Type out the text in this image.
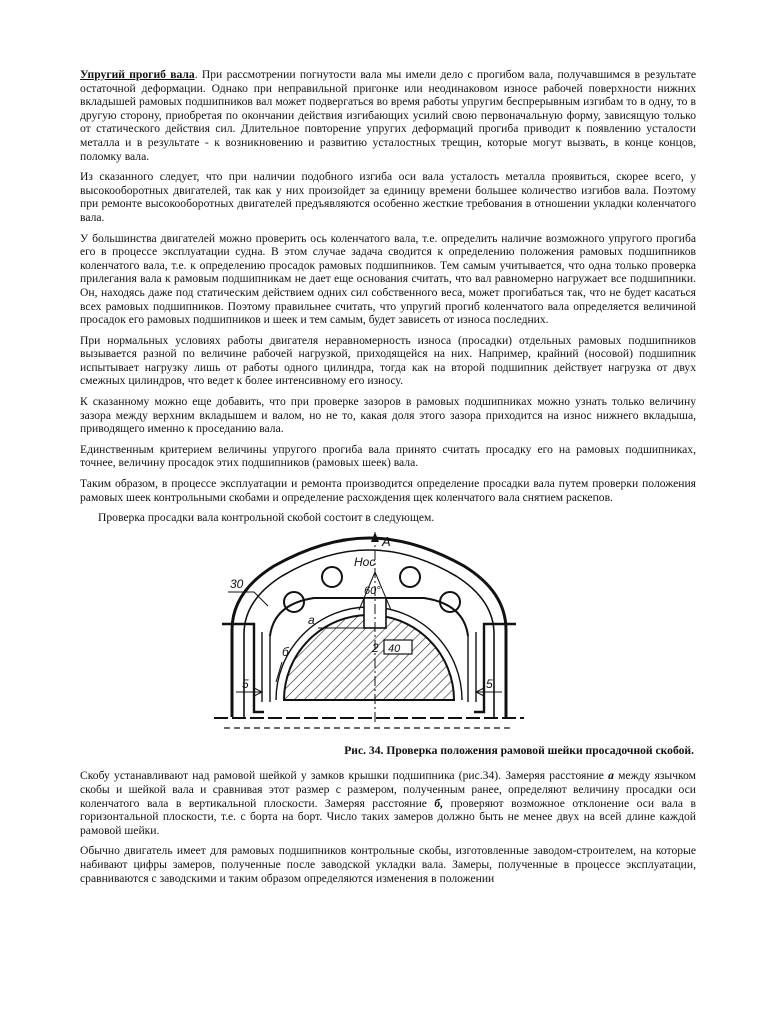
Упругий прогиб вала. При рассмотрении погнутости вала мы имели дело с прогибом вала, получавшимся в результате остаточной деформации. Однако при неправильной пригонке или неодинаковом износе рабочей поверхности нижних вкладышей рамовых подшипников вал может подвергаться во время работы упругим беспрерывным изгибам то в одну, то в другую сторону, приобретая по окончании действия изгибающих усилий свою первоначальную форму, зависящую только от статического действия сил. Длительное повторение упругих деформаций прогиба приводит к появлению усталости металла и в результате - к возникновению и развитию усталостных трещин, которые могут вызвать, в конце концов, поломку вала.

Из сказанного следует, что при наличии подобного изгиба оси вала усталость металла проявиться, скорее всего, у высокооборотных двигателей, так как у них произойдет за единицу времени большее количество изгибов вала. Поэтому при ремонте высокооборотных двигателей предъявляются особенно жесткие требования в отношении укладки коленчатого вала.

У большинства двигателей можно проверить ось коленчатого вала, т.е. определить наличие возможного упругого прогиба его в процессе эксплуатации судна. В этом случае задача сводится к определению положения рамовых подшипников коленчатого вала, т.е. к определению просадок рамовых подшипников. Тем самым учитывается, что одна только проверка прилегания вала к рамовым подшипникам не дает еще основания считать, что вал равномерно нагружает все подшипники. Он, находясь даже под статическим действием одних сил собственного веса, может прогибаться так, что не будет касаться всех рамовых подшипников. Поэтому правильнее считать, что упругий прогиб коленчатого вала определяется величиной просадок его рамовых подшипников и шеек и тем самым, будет зависеть от износа последних.

При нормальных условиях работы двигателя неравномерность износа (просадки) отдельных рамовых подшипников вызывается разной по величине рабочей нагрузкой, приходящейся на них. Например, крайний (носовой) подшипник испытывает нагрузку лишь от работы одного цилиндра, тогда как на второй подшипник действует нагрузка от двух смежных цилиндров, что ведет к более интенсивному его износу.

К сказанному можно еще добавить, что при проверке зазоров в рамовых подшипниках можно узнать только величину зазора между верхним вкладышем и валом, но не то, какая доля этого зазора приходится на износ нижнего вкладыша, приводящего именно к проседанию вала.

Единственным критерием величины упругого прогиба вала принято считать просадку его на рамовых подшипниках, точнее, величину просадок этих подшипников (рамовых шеек) вала.

Таким образом, в процессе эксплуатации и ремонта производится определение просадки вала путем проверки положения рамовых шеек контрольными скобами и определение расхождения щек коленчатого вала снятием раскепов.

Проверка просадки вала контрольной скобой состоит в следующем.

А
Нос
60°
30
а
б	2 40
5	5

Рис. 34. Проверка положения рамовой шейки просадочной скобой.

Скобу устанавливают над рамовой шейкой у замков крышки подшипника (рис.34). Замеряя расстояние а между язычком скобы и шейкой вала и сравнивая этот размер с размером, полученным ранее, определяют величину просадки оси коленчатого вала в вертикальной плоскости. Замеряя расстояние б, проверяют возможное отклонение оси вала в горизонтальной плоскости, т.е. с борта на борт. Число таких замеров должно быть не менее двух на всей длине каждой рамовой шейки.

Обычно двигатель имеет для рамовых подшипников контрольные скобы, изготовленные заводом-строителем, на которые набивают цифры замеров, полученные после заводской укладки вала. Замеры, полученные в процессе эксплуатации, сравниваются с заводскими и таким образом определяются изменения в положении
